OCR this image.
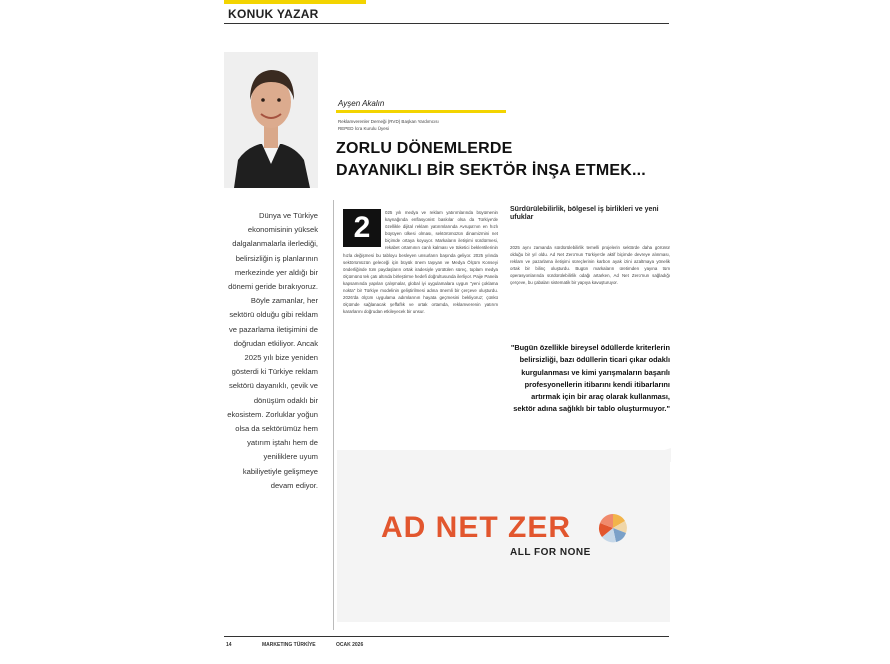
KONUK YAZAR
Ayşen Akalın
Reklamverenler Derneği (RVD) Başkan Yardımcısı
REPED İcra Kurulu Üyesi
ZORLU DÖNEMLERDE
DAYANIKLI BİR SEKTÖR İNŞA ETMEK...
Dünya ve Türkiye ekonomisinin yüksek dalgalanmalarla ilerlediği, belirsizliğin iş planlarının merkezinde yer aldığı bir dönemi geride bırakıyoruz. Böyle zamanlar, her sektörü olduğu gibi reklam ve pazarlama iletişimini de doğrudan etkiliyor. Ancak 2025 yılı bize yeniden gösterdi ki Türkiye reklam sektörü dayanıklı, çevik ve dönüşüm odaklı bir ekosistem. Zorluklar yoğun olsa da sektörümüz hem yatırım iştahı hem de yeniliklere uyum kabiliyetiyle gelişmeye devam ediyor.
025 yılı medya ve reklam yatırımlarında büyümenin kaynağında enflasyonist baskılar olsa da Türkiye'de özellikle dijital reklam yatırımlarında Avrupa'nın en hızlı büyüyen ülkesi olması, sektörümüzün dinamizmini net biçimde ortaya koyuyor. Markaların iletişimi sürdürmesi, rekabet ortamının canlı kalması ve tüketici beklentilerinin hızla değişmesi bu tabloyu besleyen unsurların başında geliyor. 2025 yılında sektörümüzün geleceği için büyük önem taşıyan ve Medya Ölçüm Konseyi önderliğinde tüm paydaşların ortak iradesiyle yürütülen süreç, toplam medya ölçümünü tek çatı altında birleştirme hedefi doğrultusunda ilerliyor. Paije Panela kapsamında yapılan çalışmalar, global iyi uygulamalara uygun "yeni çoklama nokta" bir Türkiye modelinin geliştirilmesi adına önemli bir çerçeve oluşturdu. 2026'da ölçüm uygulama adımlarının hayata geçmesini bekliyoruz; çünkü ölçümde sağlanacak şeffaflık ve ortak ortamda, reklamverenin yatırım kararlarını doğrudan etkileyecek bir unsur.
2
Sürdürülebilirlik, bölgesel iş birlikleri ve yeni ufuklar
2025 aynı zamanda sürdürülebilirlik temelli projelerin sektörde daha görünür olduğu bir yıl oldu. Ad Net Zero'nun Türkiye'de aktif biçimde devreye alınması, reklam ve pazarlama iletişimi süreçlerinin karbon ayak izini azaltmaya yönelik ortak bir bilinç oluşturdu. Bugün markaların üretimden yayına tüm operasyonlarında sürdürülebilirlik odağı artarken, Ad Net Zero'nun sağladığı çerçeve, bu çabaları sistematik bir yapıya kavuşturuyor.
"Bugün özellikle bireysel ödüllerde kriterlerin belirsizliği, bazı ödüllerin ticari çıkar odaklı kurgulanması ve kimi yarışmaların başarılı profesyonellerin itibarını kendi itibarlarını artırmak için bir araç olarak kullanması, sektör adına sağlıklı bir tablo oluşturmuyor."
AD NET ZER
ALL FOR NONE
14	MARKETING TÜRKİYE	OCAK 2026
